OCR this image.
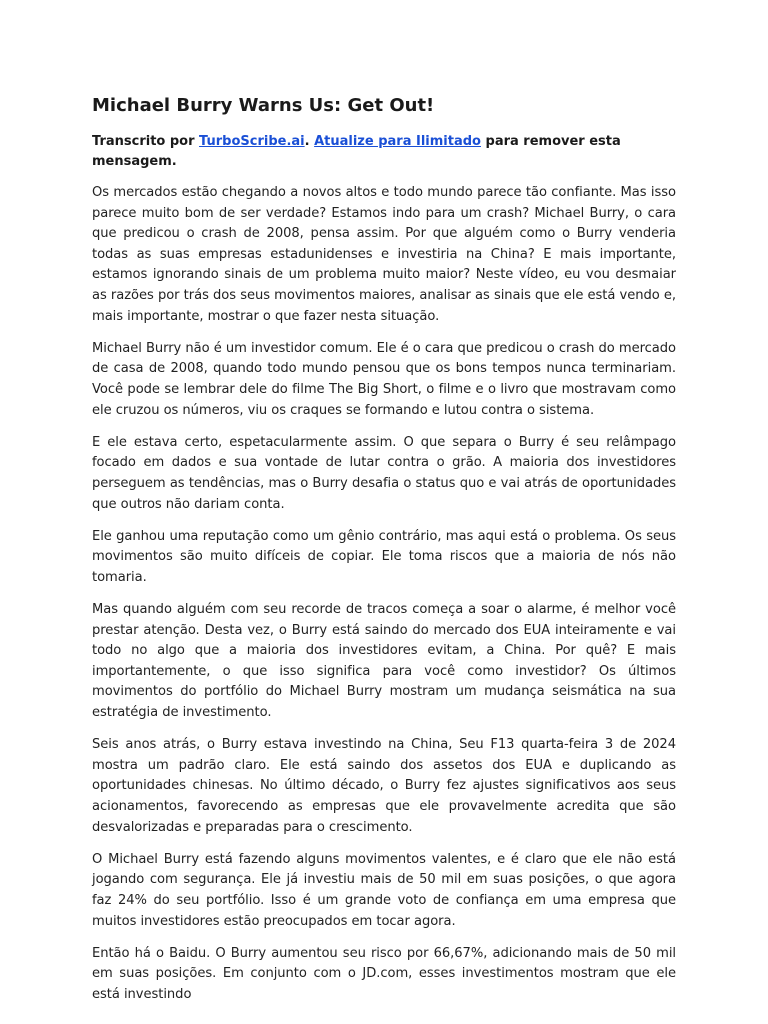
Michael Burry Warns Us: Get Out!

Transcrito por TurboScribe.ai. Atualize para Ilimitado para remover esta mensagem.

Os mercados estão chegando a novos altos e todo mundo parece tão confiante. Mas isso parece muito bom de ser verdade? Estamos indo para um crash? Michael Burry, o cara que predicou o crash de 2008, pensa assim. Por que alguém como o Burry venderia todas as suas empresas estadunidenses e investiria na China? E mais importante, estamos ignorando sinais de um problema muito maior? Neste vídeo, eu vou desmaiar as razões por trás dos seus movimentos maiores, analisar as sinais que ele está vendo e, mais importante, mostrar o que fazer nesta situação.

Michael Burry não é um investidor comum. Ele é o cara que predicou o crash do mercado de casa de 2008, quando todo mundo pensou que os bons tempos nunca terminariam. Você pode se lembrar dele do filme The Big Short, o filme e o livro que mostravam como ele cruzou os números, viu os craques se formando e lutou contra o sistema.

E ele estava certo, espetacularmente assim. O que separa o Burry é seu relâmpago focado em dados e sua vontade de lutar contra o grão. A maioria dos investidores perseguem as tendências, mas o Burry desafia o status quo e vai atrás de oportunidades que outros não dariam conta.

Ele ganhou uma reputação como um gênio contrário, mas aqui está o problema. Os seus movimentos são muito difíceis de copiar. Ele toma riscos que a maioria de nós não tomaria.

Mas quando alguém com seu recorde de tracos começa a soar o alarme, é melhor você prestar atenção. Desta vez, o Burry está saindo do mercado dos EUA inteiramente e vai todo no algo que a maioria dos investidores evitam, a China. Por quê? E mais importantemente, o que isso significa para você como investidor? Os últimos movimentos do portfólio do Michael Burry mostram um mudança seismática na sua estratégia de investimento.

Seis anos atrás, o Burry estava investindo na China, Seu F13 quarta-feira 3 de 2024 mostra um padrão claro. Ele está saindo dos assetos dos EUA e duplicando as oportunidades chinesas. No último décado, o Burry fez ajustes significativos aos seus acionamentos, favorecendo as empresas que ele provavelmente acredita que são desvalorizadas e preparadas para o crescimento.

O Michael Burry está fazendo alguns movimentos valentes, e é claro que ele não está jogando com segurança. Ele já investiu mais de 50 mil em suas posições, o que agora faz 24% do seu portfólio. Isso é um grande voto de confiança em uma empresa que muitos investidores estão preocupados em tocar agora.

Então há o Baidu. O Burry aumentou seu risco por 66,67%, adicionando mais de 50 mil em suas posições. Em conjunto com o JD.com, esses investimentos mostram que ele está investindo
